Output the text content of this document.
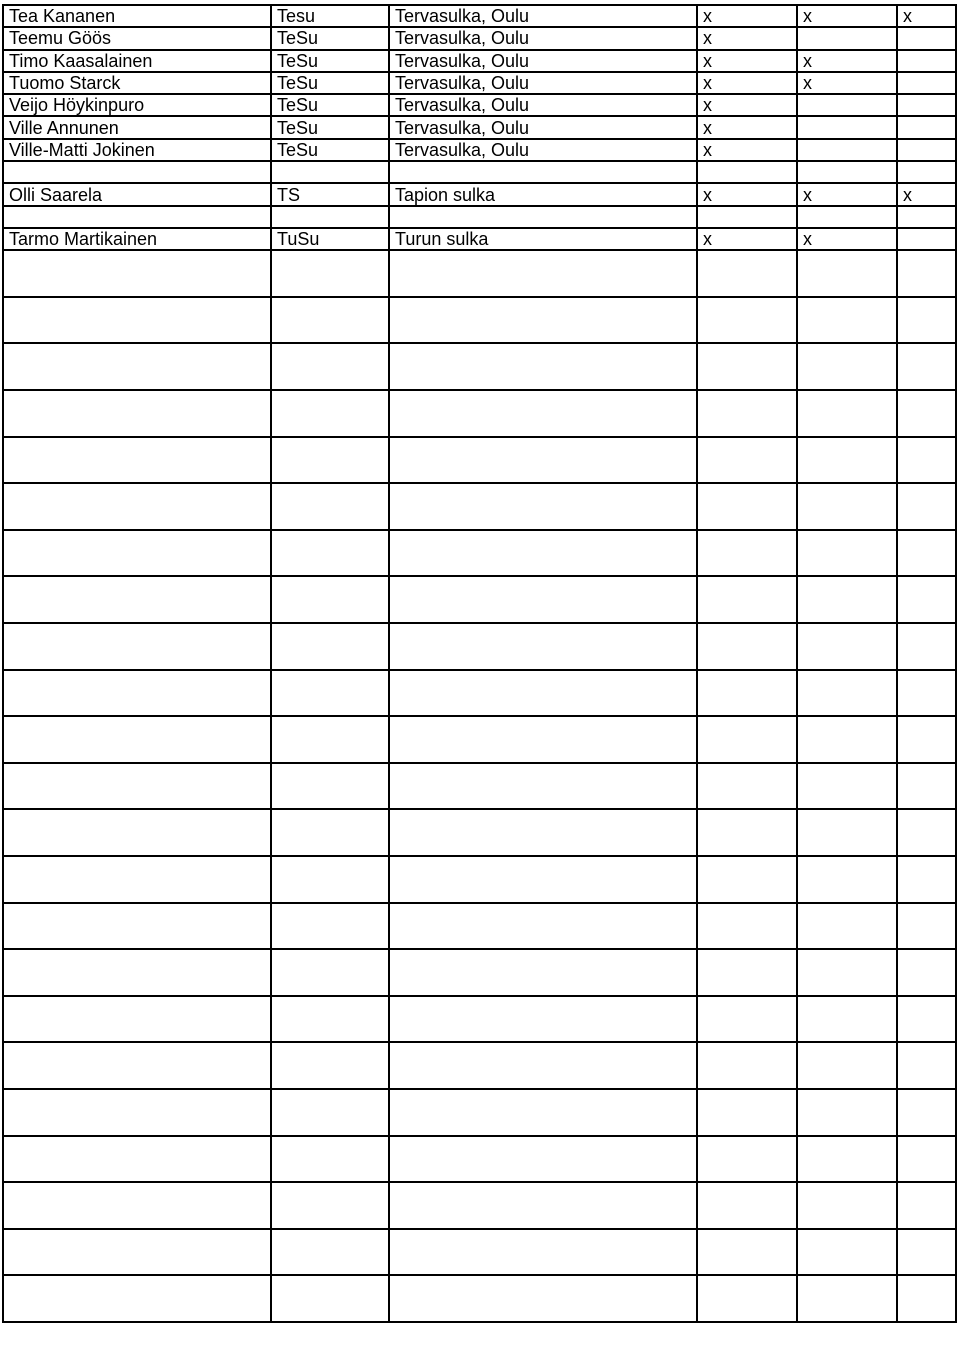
Tea Kananen	Tesu	Tervasulka, Oulu	x	x	x
Teemu Göös	TeSu	Tervasulka, Oulu	x		
Timo Kaasalainen	TeSu	Tervasulka, Oulu	x	x	
Tuomo Starck	TeSu	Tervasulka, Oulu	x	x	
Veijo Höykinpuro	TeSu	Tervasulka, Oulu	x		
Ville Annunen	TeSu	Tervasulka, Oulu	x		
Ville-Matti Jokinen	TeSu	Tervasulka, Oulu	x		

Olli Saarela	TS	Tapion sulka	x	x	x

Tarmo Martikainen	TuSu	Turun sulka	x	x	
